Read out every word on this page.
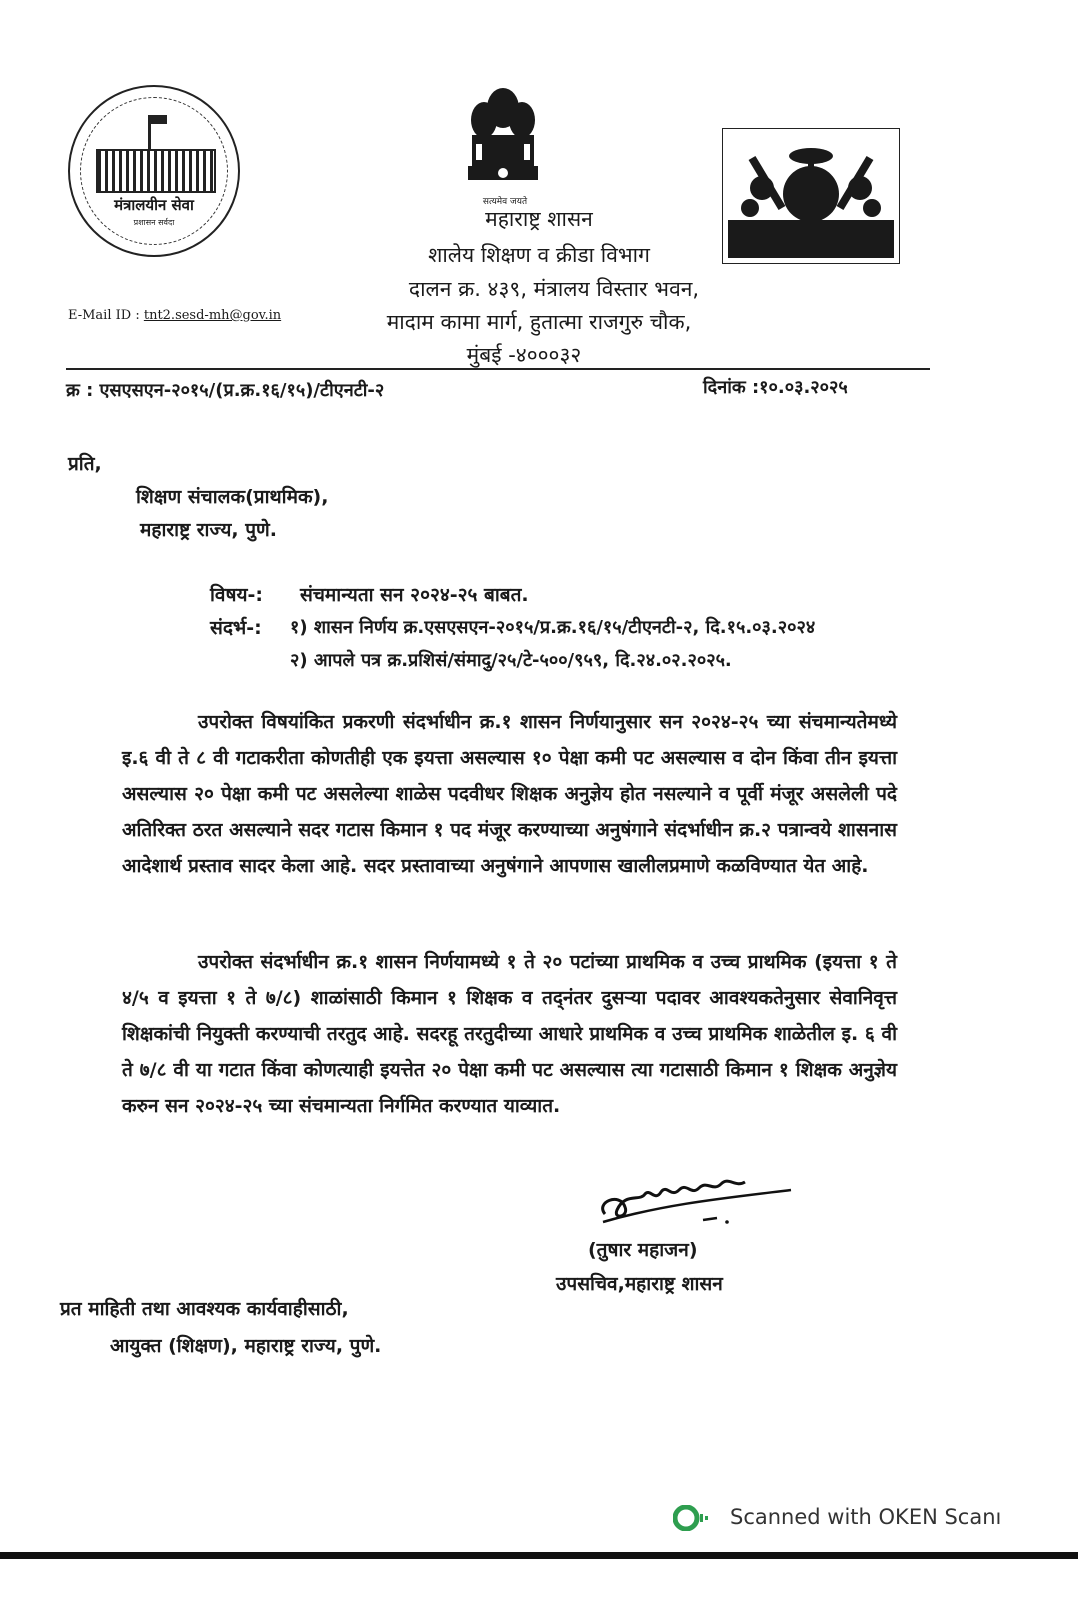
मंत्रालयीन सेवा
प्रशासन सर्वदा
सत्यमेव जयते
महाराष्ट्र शासन
शालेय शिक्षण व क्रीडा विभाग
दालन क्र. ४३९, मंत्रालय विस्तार भवन,
मादाम कामा मार्ग, हुतात्मा राजगुरु चौक,
मुंबई -४०००३२
E-Mail ID : tnt2.sesd-mh@gov.in
क्र : एसएसएन-२०१५/(प्र.क्र.१६/१५)/टीएनटी-२	दिनांक :१०.०३.२०२५
प्रति,
शिक्षण संचालक(प्राथमिक),
महाराष्ट्र राज्य, पुणे.
विषय-: संचमान्यता सन २०२४-२५ बाबत.
संदर्भ-: १) शासन निर्णय क्र.एसएसएन-२०१५/प्र.क्र.१६/१५/टीएनटी-२, दि.१५.०३.२०२४
२) आपले पत्र क्र.प्रशिसं/संमादु/२५/टे-५००/९५९, दि.२४.०२.२०२५.
उपरोक्त विषयांकित प्रकरणी संदर्भाधीन क्र.१ शासन निर्णयानुसार सन २०२४-२५ च्या संचमान्यतेमध्ये इ.६ वी ते ८ वी गटाकरीता कोणतीही एक इयत्ता असल्यास १० पेक्षा कमी पट असल्यास व दोन किंवा तीन इयत्ता असल्यास २० पेक्षा कमी पट असलेल्या शाळेस पदवीधर शिक्षक अनुज्ञेय होत नसल्याने व पूर्वी मंजूर असलेली पदे अतिरिक्त ठरत असल्याने सदर गटास किमान १ पद मंजूर करण्याच्या अनुषंगाने संदर्भाधीन क्र.२ पत्रान्वये शासनास आदेशार्थ प्रस्ताव सादर केला आहे. सदर प्रस्तावाच्या अनुषंगाने आपणास खालीलप्रमाणे कळविण्यात येत आहे.
उपरोक्त संदर्भाधीन क्र.१ शासन निर्णयामध्ये १ ते २० पटांच्या प्राथमिक व उच्च प्राथमिक (इयत्ता १ ते ४/५ व इयत्ता १ ते ७/८) शाळांसाठी किमान १ शिक्षक व तद्नंतर दुसऱ्या पदावर आवश्यकतेनुसार सेवानिवृत्त शिक्षकांची नियुक्ती करण्याची तरतुद आहे. सदरहू तरतुदीच्या आधारे प्राथमिक व उच्च प्राथमिक शाळेतील इ. ६ वी ते ७/८ वी या गटात किंवा कोणत्याही इयत्तेत २० पेक्षा कमी पट असल्यास त्या गटासाठी किमान १ शिक्षक अनुज्ञेय करुन सन २०२४-२५ च्या संचमान्यता निर्गमित करण्यात याव्यात.
(तुषार महाजन)
उपसचिव,महाराष्ट्र शासन
प्रत माहिती तथा आवश्यक कार्यवाहीसाठी,
आयुक्त (शिक्षण), महाराष्ट्र राज्य, पुणे.
Scanned with OKEN Scanı
